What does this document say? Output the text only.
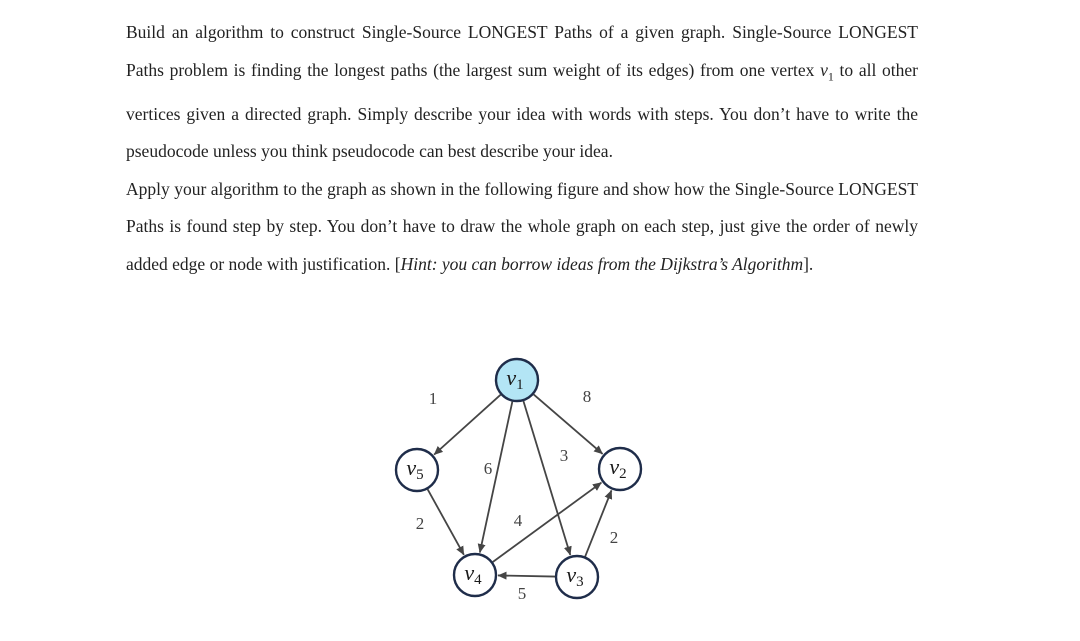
Build an algorithm to construct Single-Source LONGEST Paths of a given graph. Single-Source LONGEST Paths problem is finding the longest paths (the largest sum weight of its edges) from one vertex $v_1$ to all other vertices given a directed graph. Simply describe your idea with words with steps. You don’t have to write the pseudocode unless you think pseudocode can best describe your idea.

Apply your algorithm to the graph as shown in the following figure and show how the Single-Source LONGEST Paths is found step by step. You don’t have to draw the whole graph on each step, just give the order of newly added edge or node with justification. [Hint: you can borrow ideas from the Dijkstra’s Algorithm].

1	8
6
3
2	4
5
2
v1
v2
v3
v4
v5
